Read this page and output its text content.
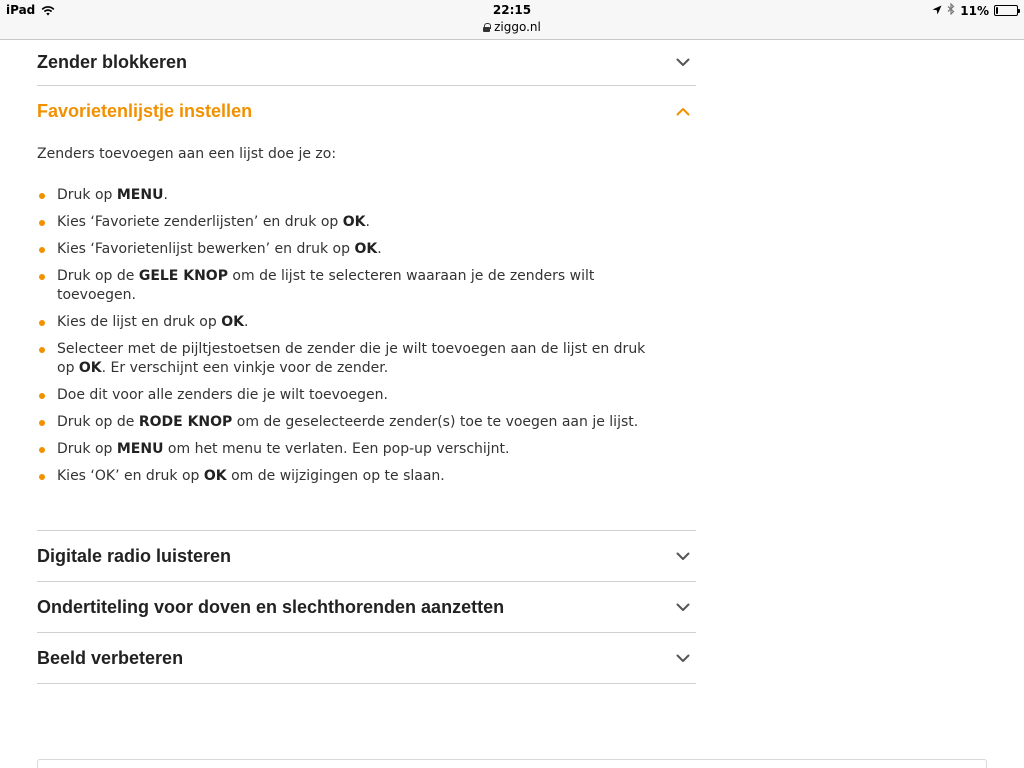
iPad	22:15
ziggo.nl
11%
Zender blokkeren
Favorietenlijstje instellen

Zenders toevoegen aan een lijst doe je zo:

Druk op MENU.
Kies ‘Favoriete zenderlijsten’ en druk op OK.
Kies ‘Favorietenlijst bewerken’ en druk op OK.
Druk op de GELE KNOP om de lijst te selecteren waaraan je de zenders wilt toevoegen.
Kies de lijst en druk op OK.
Selecteer met de pijltjestoetsen de zender die je wilt toevoegen aan de lijst en druk op OK. Er verschijnt een vinkje voor de zender.
Doe dit voor alle zenders die je wilt toevoegen.
Druk op de RODE KNOP om de geselecteerde zender(s) toe te voegen aan je lijst.
Druk op MENU om het menu te verlaten. Een pop-up verschijnt.
Kies ‘OK’ en druk op OK om de wijzigingen op te slaan.
Digitale radio luisteren
Ondertiteling voor doven en slechthorenden aanzetten
Beeld verbeteren
